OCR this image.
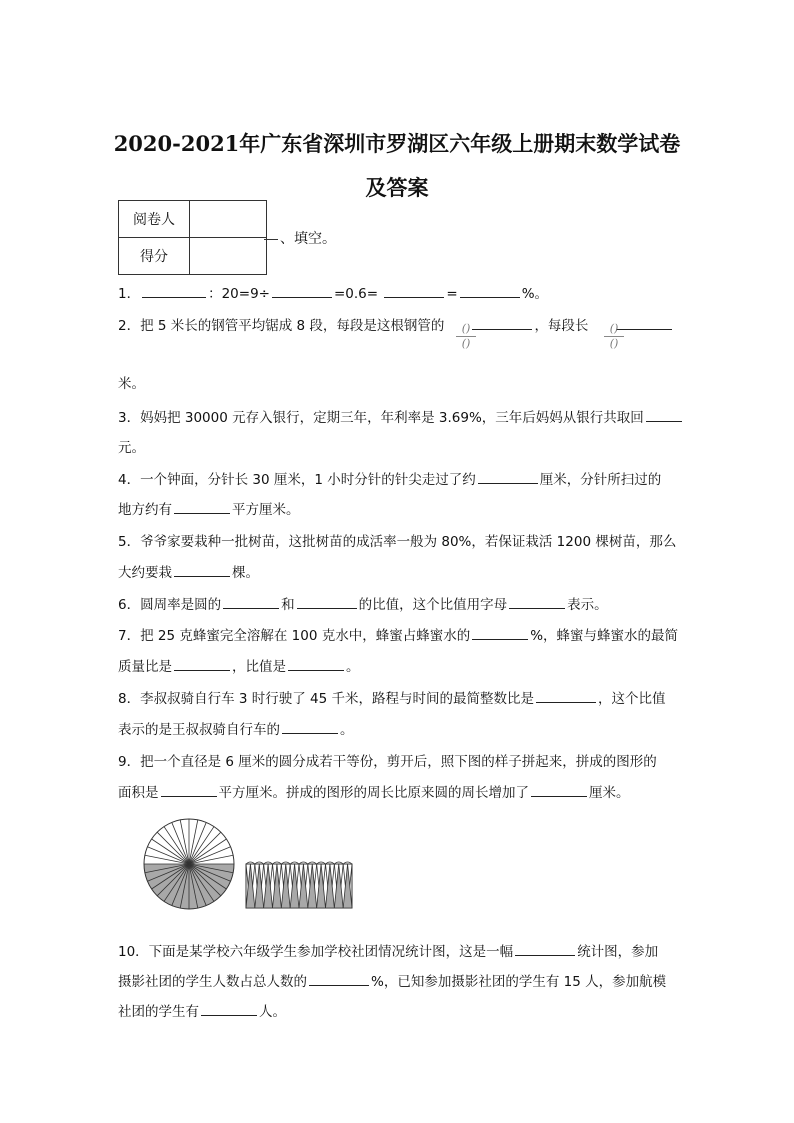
2020-2021年广东省深圳市罗湖区六年级上册期末数学试卷
及答案
阅卷人	
得分	
、填空。
1．	：20=9÷	=0.6=	=	%。
2．把 5 米长的钢管平均锯成 8 段，每段是这根钢管的	，每段长
()
()
()
()
米。
3．妈妈把 30000 元存入银行，定期三年，年利率是 3.69%，三年后妈妈从银行共取回
元。
4．一个钟面，分针长 30 厘米，1 小时分针的针尖走过了约	厘米，分针所扫过的
地方约有	平方厘米。
5．爷爷家要栽种一批树苗，这批树苗的成活率一般为 80%，若保证栽活 1200 棵树苗，那么
大约要栽	棵。
6．圆周率是圆的	和	的比值，这个比值用字母	表示。
7．把 25 克蜂蜜完全溶解在 100 克水中，蜂蜜占蜂蜜水的	%，蜂蜜与蜂蜜水的最简
质量比是	，比值是	。
8．李叔叔骑自行车 3 时行驶了 45 千米，路程与时间的最简整数比是	，这个比值
表示的是王叔叔骑自行车的	。
9．把一个直径是 6 厘米的圆分成若干等份，剪开后，照下图的样子拼起来，拼成的图形的
面积是	平方厘米。拼成的图形的周长比原来圆的周长增加了	厘米。
10．下面是某学校六年级学生参加学校社团情况统计图，这是一幅	统计图，参加
摄影社团的学生人数占总人数的	%，已知参加摄影社团的学生有 15 人，参加航模
社团的学生有	人。
